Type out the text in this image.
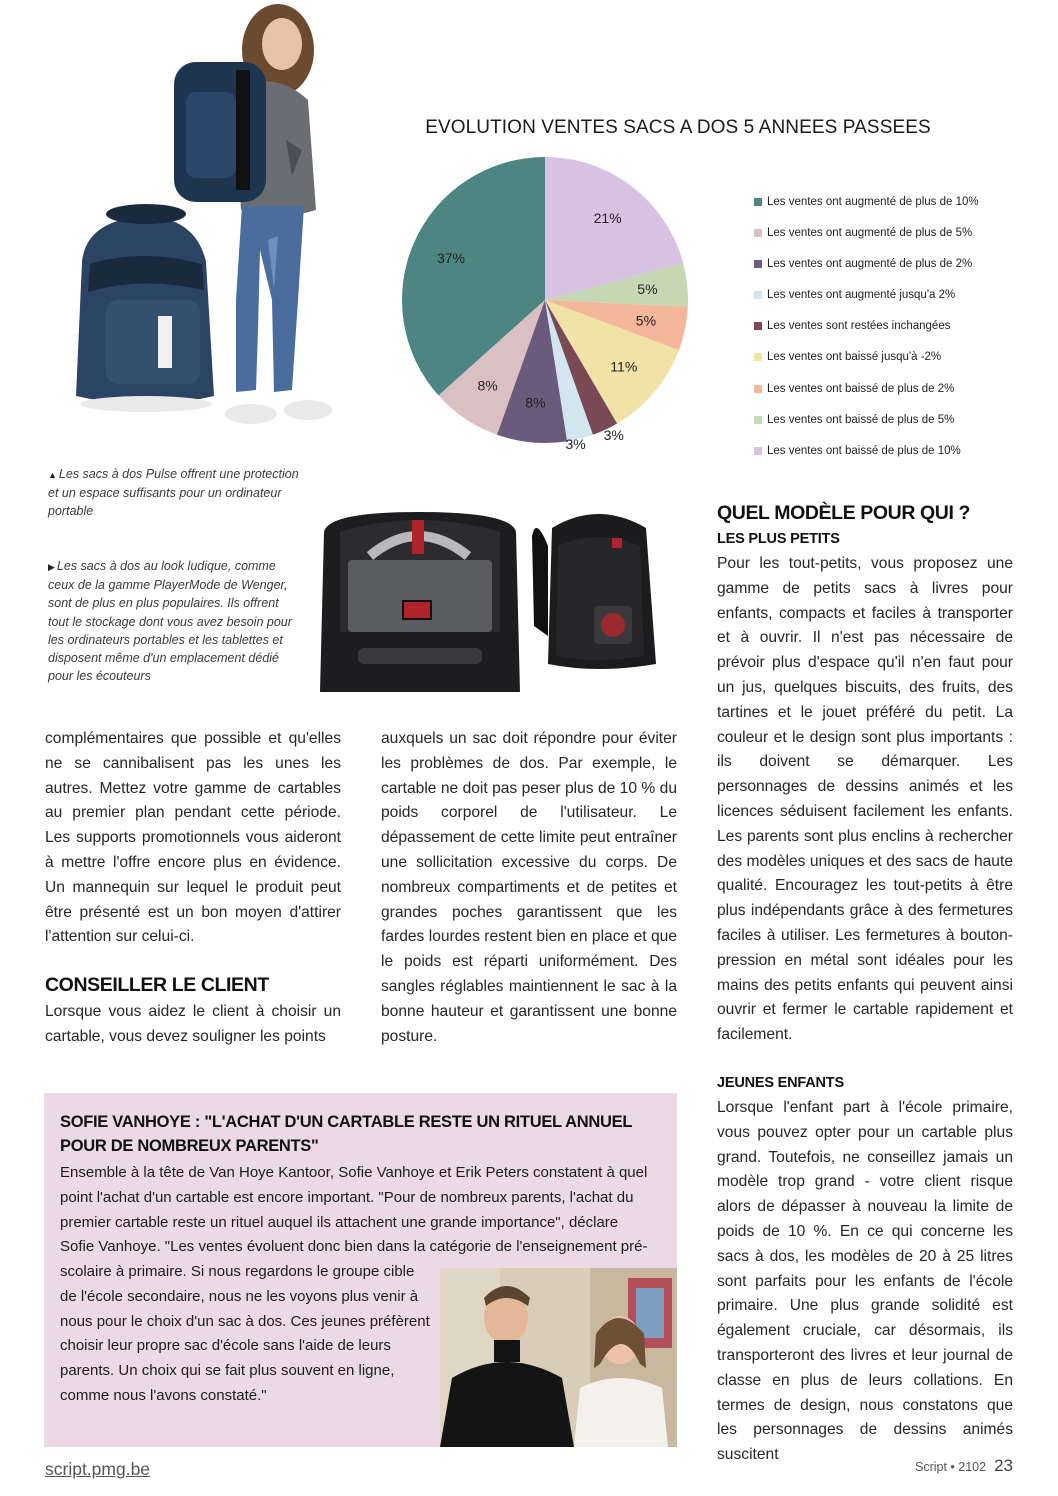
EVOLUTION VENTES SACS A DOS 5 ANNEES PASSEES
37%
8%
8%
3%
3%
11%
5%
5%
21%
Les ventes ont augmenté de plus de 10%
Les ventes ont augmenté de plus de 5%
Les ventes ont augmenté de plus de 2%
Les ventes ont augmenté jusqu'a 2%
Les ventes sont restées inchangées
Les ventes ont baissé jusqu'à -2%
Les ventes ont baissé de plus de 2%
Les ventes ont baissé de plus de 5%
Les ventes ont baissé de plus de 10%
▲ Les sacs à dos Pulse offrent une protection et un espace suffisants pour un ordinateur portable
▶ Les sacs à dos au look ludique, comme ceux de la gamme PlayerMode de Wenger, sont de plus en plus populaires. Ils offrent tout le stockage dont vous avez besoin pour les ordinateurs portables et les tablettes et disposent même d'un emplacement dédié pour les écouteurs

complémentaires que possible et qu'elles ne se cannibalisent pas les unes les autres. Mettez votre gamme de cartables au premier plan pendant cette période. Les supports promotionnels vous aideront à mettre l'offre encore plus en évidence. Un mannequin sur lequel le produit peut être présenté est un bon moyen d'attirer l'attention sur celui-ci.

CONSEILLER LE CLIENT

Lorsque vous aidez le client à choisir un cartable, vous devez souligner les points

auxquels un sac doit répondre pour éviter les problèmes de dos. Par exemple, le cartable ne doit pas peser plus de 10 % du poids corporel de l'utilisateur. Le dépassement de cette limite peut entraîner une sollicitation excessive du corps. De nombreux compartiments et de petites et grandes poches garantissent que les fardes lourdes restent bien en place et que le poids est réparti uniformément. Des sangles réglables maintiennent le sac à la bonne hauteur et garantissent une bonne posture.

QUEL MODÈLE POUR QUI ?
LES PLUS PETITS

Pour les tout-petits, vous proposez une gamme de petits sacs à livres pour enfants, compacts et faciles à transporter et à ouvrir. Il n'est pas nécessaire de prévoir plus d'espace qu'il n'en faut pour un jus, quelques biscuits, des fruits, des tartines et le jouet préféré du petit. La couleur et le design sont plus importants : ils doivent se démarquer. Les personnages de dessins animés et les licences séduisent facilement les enfants. Les parents sont plus enclins à rechercher des modèles uniques et des sacs de haute qualité. Encouragez les tout-petits à être plus indépendants grâce à des fermetures faciles à utiliser. Les fermetures à bouton-pression en métal sont idéales pour les mains des petits enfants qui peuvent ainsi ouvrir et fermer le cartable rapidement et facilement.

JEUNES ENFANTS

Lorsque l'enfant part à l'école primaire, vous pouvez opter pour un cartable plus grand. Toutefois, ne conseillez jamais un modèle trop grand - votre client risque alors de dépasser à nouveau la limite de poids de 10 %. En ce qui concerne les sacs à dos, les modèles de 20 à 25 litres sont parfaits pour les enfants de l'école primaire. Une plus grande solidité est également cruciale, car désormais, ils transporteront des livres et leur journal de classe en plus de leurs collations. En termes de design, nous constatons que les personnages de dessins animés suscitent

SOFIE VANHOYE : "L'ACHAT D'UN CARTABLE RESTE UN RITUEL ANNUEL POUR DE NOMBREUX PARENTS"
Ensemble à la tête de Van Hoye Kantoor, Sofie Vanhoye et Erik Peters constatent à quel point l'achat d'un cartable est encore important. "Pour de nombreux parents, l'achat du premier cartable reste un rituel auquel ils attachent une grande importance", déclare Sofie Vanhoye. "Les ventes évoluent donc bien dans la catégorie de l'enseignement pré-
scolaire à primaire. Si nous regardons le groupe cible de l'école secondaire, nous ne les voyons plus venir à nous pour le choix d'un sac à dos. Ces jeunes préfèrent choisir leur propre sac d'école sans l'aide de leurs parents. Un choix qui se fait plus souvent en ligne, comme nous l'avons constaté."
script.pmg.be	Script • 2102 23
